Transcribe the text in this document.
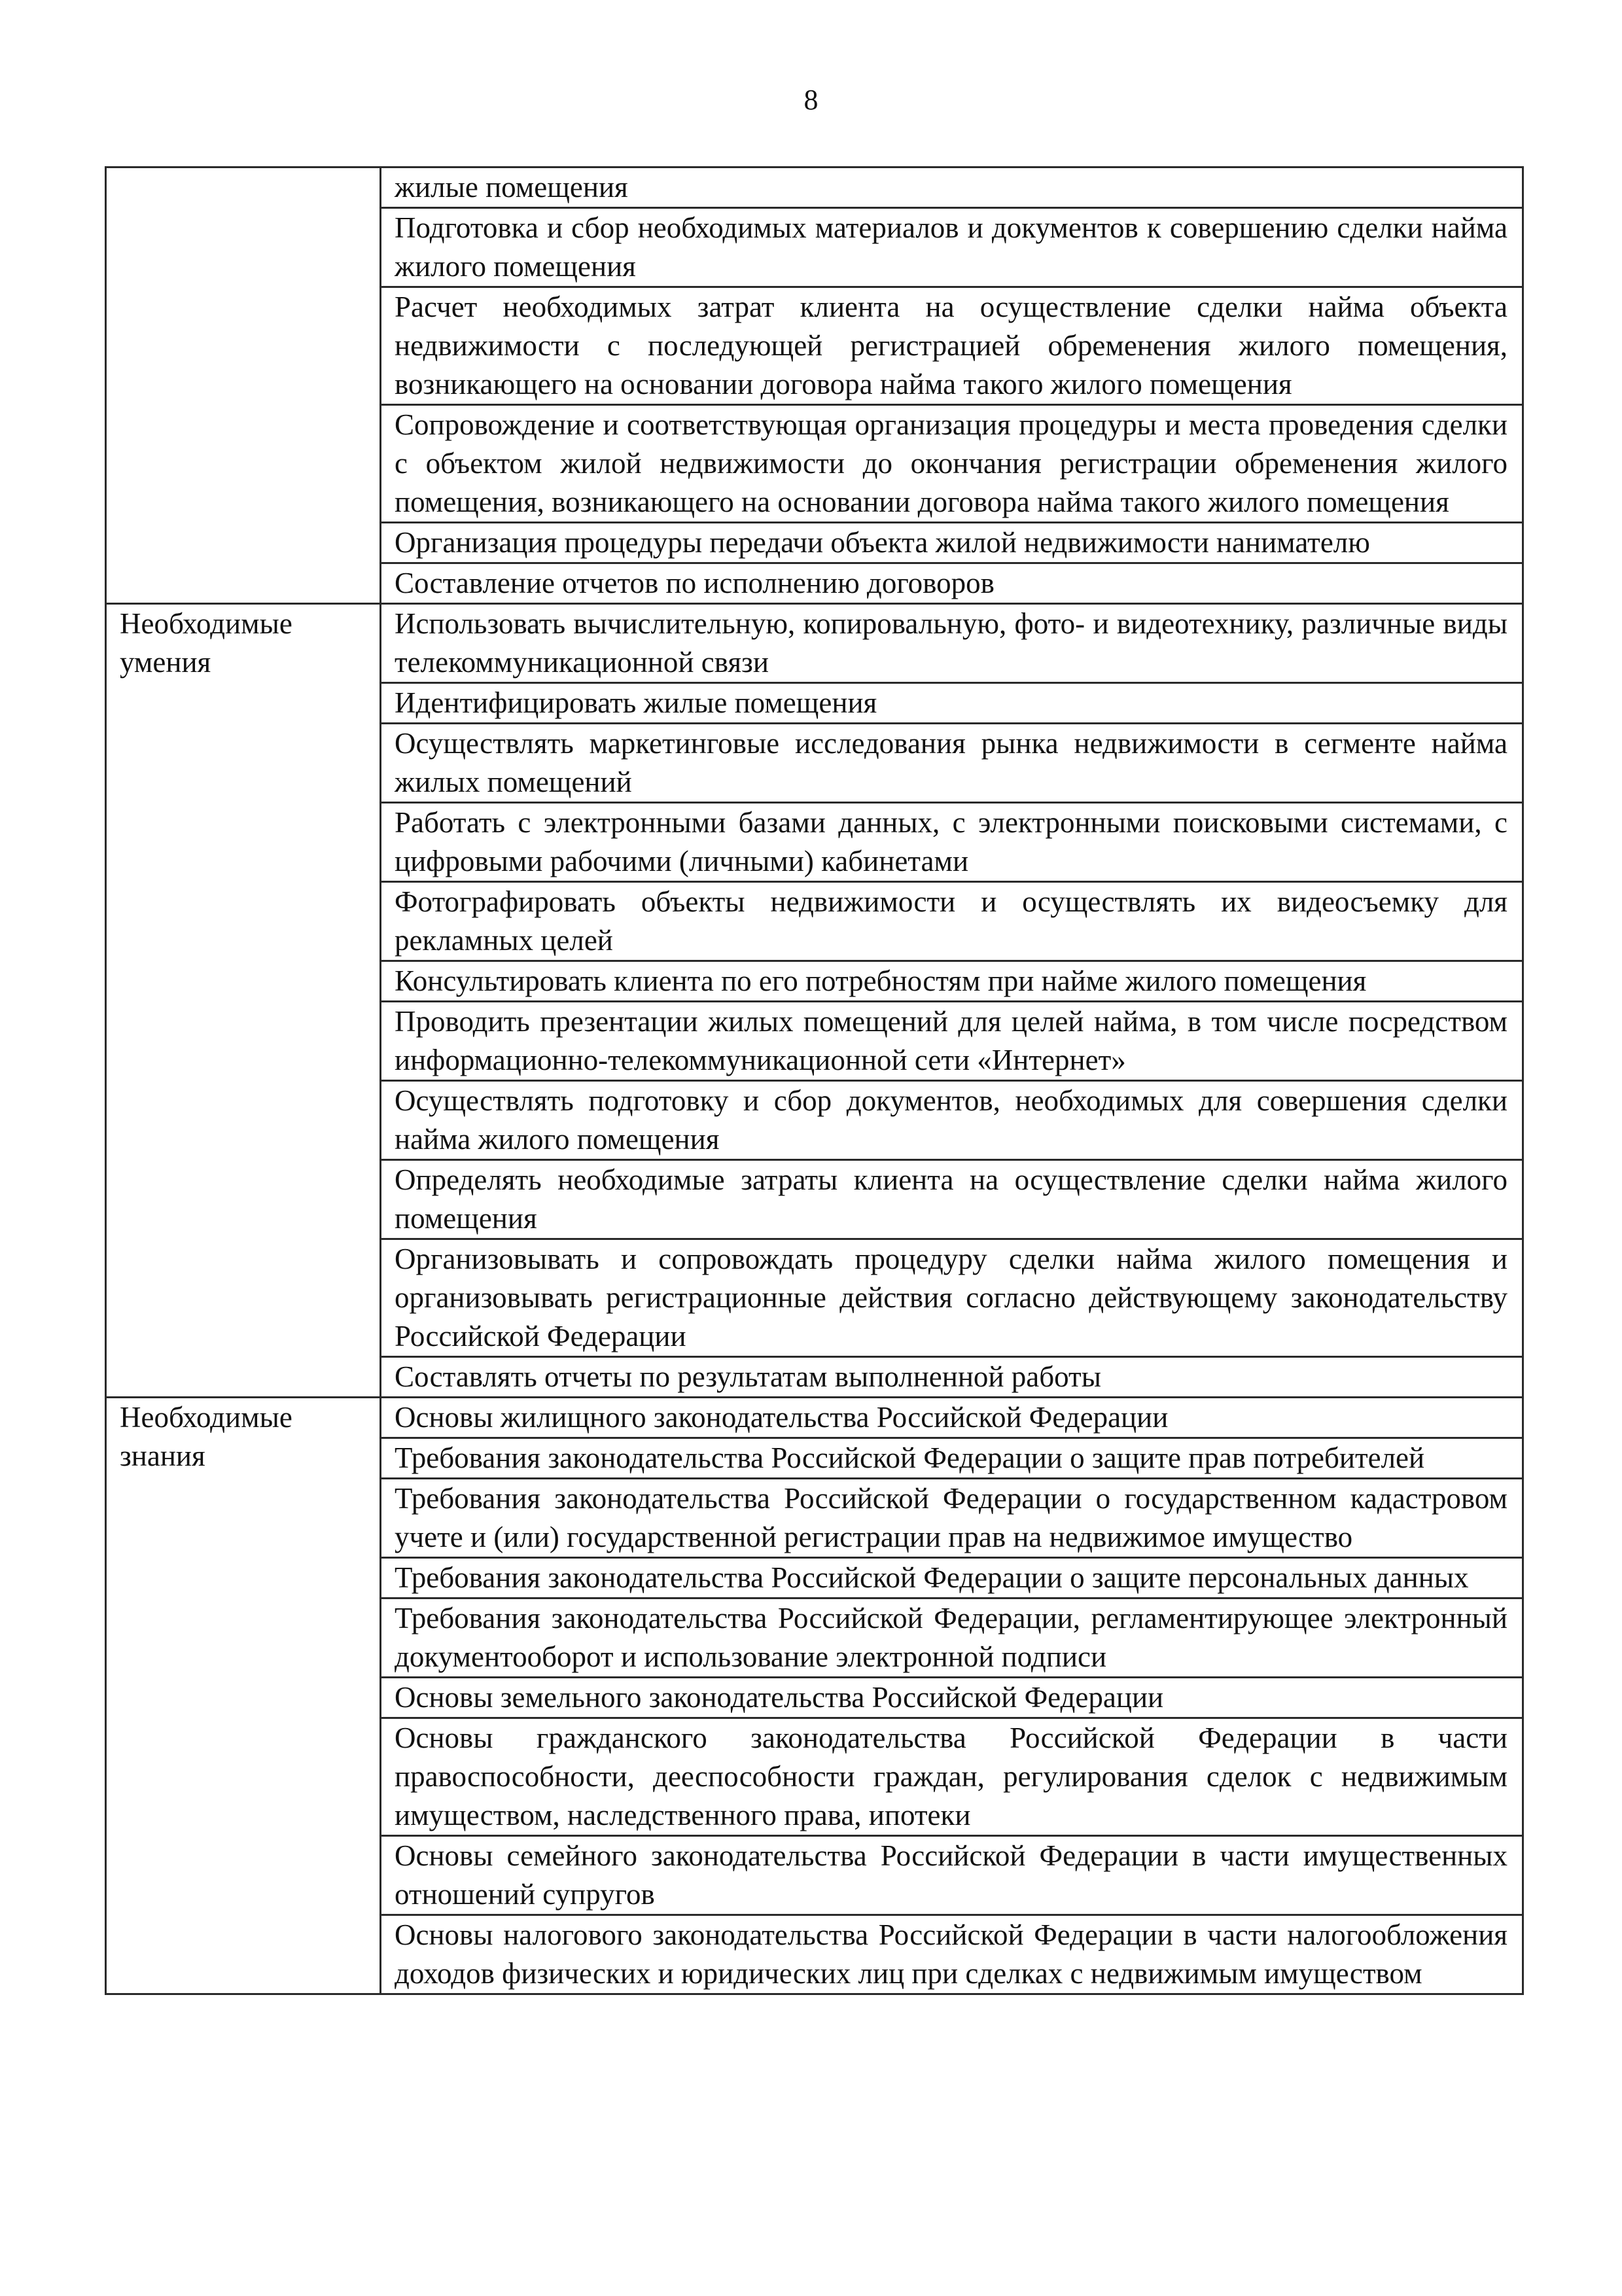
8
	жилые помещения
	Подготовка и сбор необходимых материалов и документов к совершению сделки найма жилого помещения
	Расчет необходимых затрат клиента на осуществление сделки найма объекта недвижимости с последующей регистрацией обременения жилого помещения, возникающего на основании договора найма такого жилого помещения
	Сопровождение и соответствующая организация процедуры и места проведения сделки с объектом жилой недвижимости до окончания регистрации обременения жилого помещения, возникающего на основании договора найма такого жилого помещения
	Организация процедуры передачи объекта жилой недвижимости нанимателю
	Составление отчетов по исполнению договоров
Необходимые умения	Использовать вычислительную, копировальную, фото- и видеотехнику, различные виды телекоммуникационной связи
	Идентифицировать жилые помещения
	Осуществлять маркетинговые исследования рынка недвижимости в сегменте найма жилых помещений
	Работать с электронными базами данных, с электронными поисковыми системами, с цифровыми рабочими (личными) кабинетами
	Фотографировать объекты недвижимости и осуществлять их видеосъемку для рекламных целей
	Консультировать клиента по его потребностям при найме жилого помещения
	Проводить презентации жилых помещений для целей найма, в том числе посредством информационно-телекоммуникационной сети «Интернет»
	Осуществлять подготовку и сбор документов, необходимых для совершения сделки найма жилого помещения
	Определять необходимые затраты клиента на осуществление сделки найма жилого помещения
	Организовывать и сопровождать процедуру сделки найма жилого помещения и организовывать регистрационные действия согласно действующему законодательству Российской Федерации
	Составлять отчеты по результатам выполненной работы
Необходимые знания	Основы жилищного законодательства Российской Федерации
	Требования законодательства Российской Федерации о защите прав потребителей
	Требования законодательства Российской Федерации о государственном кадастровом учете и (или) государственной регистрации прав на недвижимое имущество
	Требования законодательства Российской Федерации о защите персональных данных
	Требования законодательства Российской Федерации, регламентирующее электронный документооборот и использование электронной подписи
	Основы земельного законодательства Российской Федерации
	Основы гражданского законодательства Российской Федерации в части правоспособности, дееспособности граждан, регулирования сделок с недвижимым имуществом, наследственного права, ипотеки
	Основы семейного законодательства Российской Федерации в части имущественных отношений супругов
	Основы налогового законодательства Российской Федерации в части налогообложения доходов физических и юридических лиц при сделках с недвижимым имуществом
